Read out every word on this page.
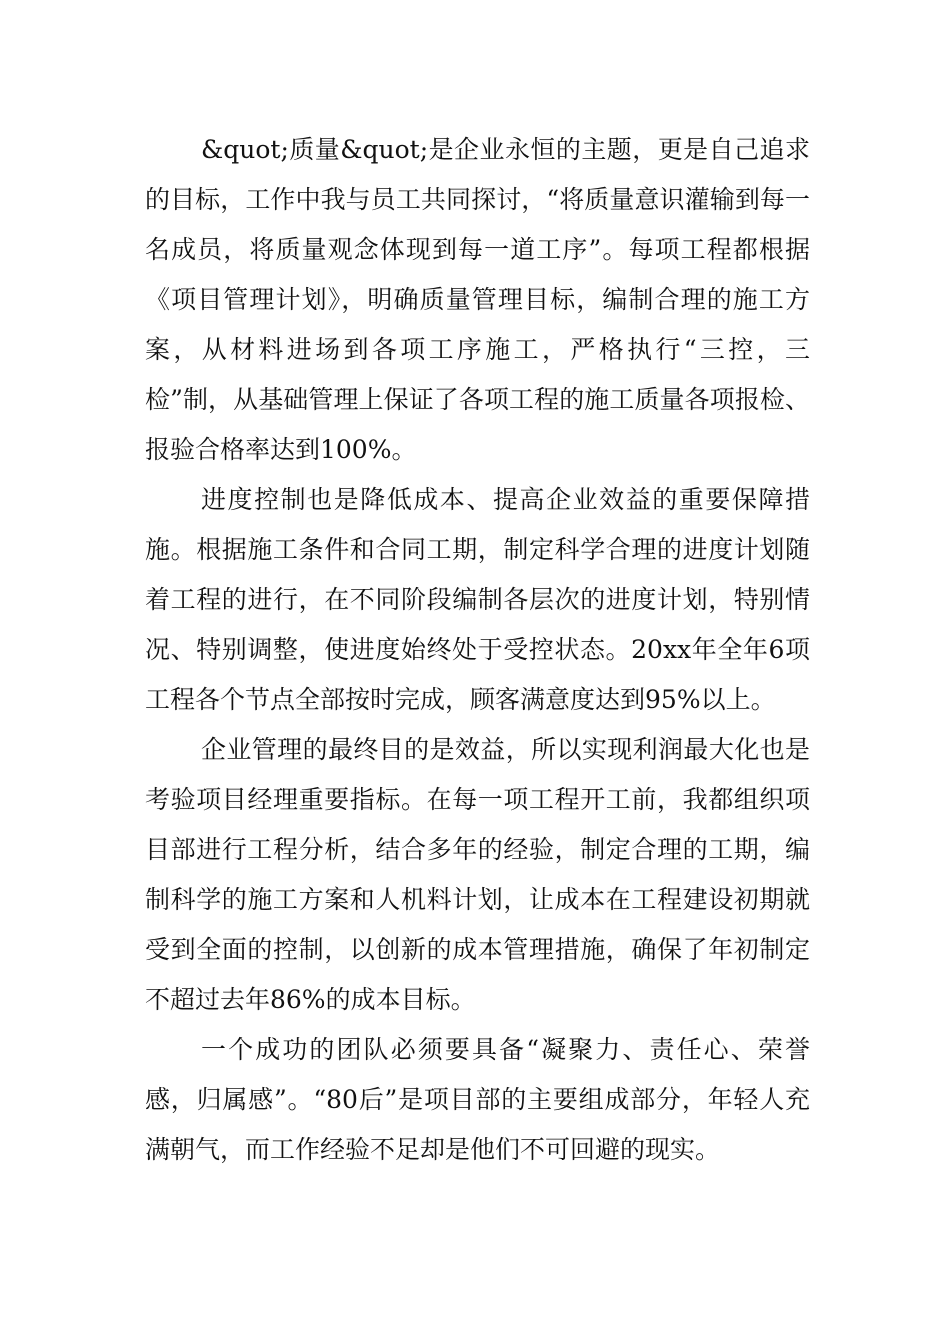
&quot;质量&quot;是企业永恒的主题，更是自己追求的目标，工作中我与员工共同探讨，“将质量意识灌输到每一名成员，将质量观念体现到每一道工序”。每项工程都根据《项目管理计划》，明确质量管理目标，编制合理的施工方案，从材料进场到各项工序施工，严格执行“三控，三检”制，从基础管理上保证了各项工程的施工质量各项报检、报验合格率达到100%。

进度控制也是降低成本、提高企业效益的重要保障措施。根据施工条件和合同工期，制定科学合理的进度计划随着工程的进行，在不同阶段编制各层次的进度计划，特别情况、特别调整，使进度始终处于受控状态。20xx年全年6项工程各个节点全部按时完成，顾客满意度达到95%以上。

企业管理的最终目的是效益，所以实现利润最大化也是考验项目经理重要指标。在每一项工程开工前，我都组织项目部进行工程分析，结合多年的经验，制定合理的工期，编制科学的施工方案和人机料计划，让成本在工程建设初期就受到全面的控制，以创新的成本管理措施，确保了年初制定不超过去年86%的成本目标。

一个成功的团队必须要具备“凝聚力、责任心、荣誉感，归属感”。“80后”是项目部的主要组成部分，年轻人充满朝气，而工作经验不足却是他们不可回避的现实。
